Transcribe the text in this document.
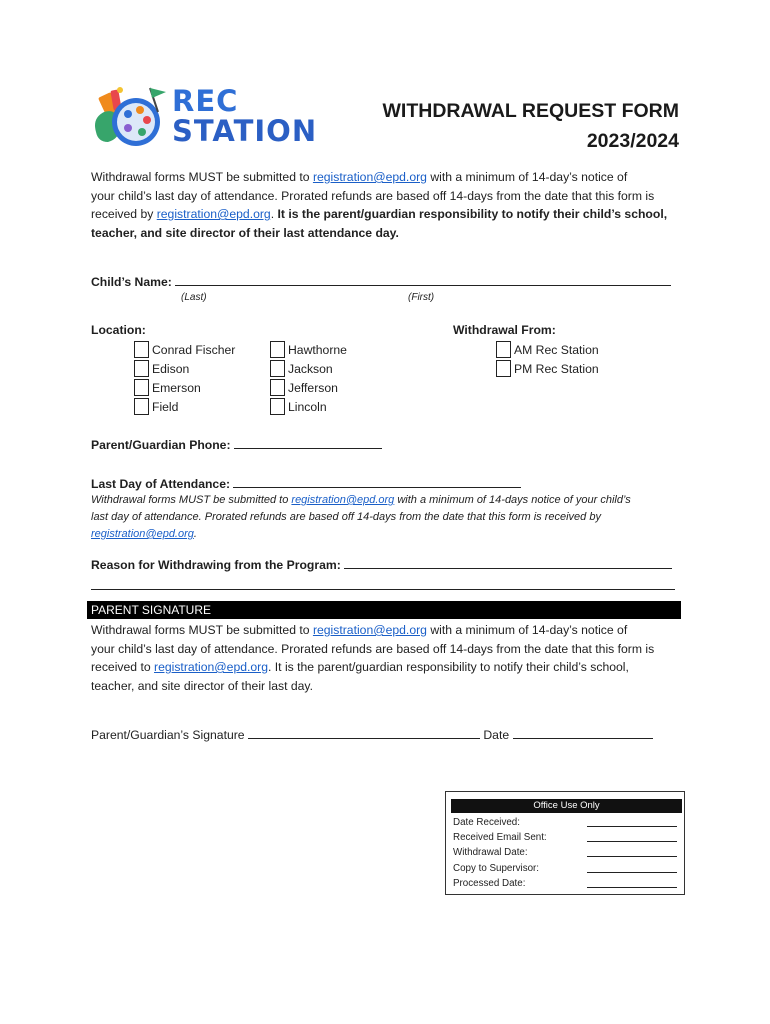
REC
STATION
WITHDRAWAL REQUEST FORM
2023/2024
Withdrawal forms MUST be submitted to registration@epd.org with a minimum of 14-day’s notice of
your child’s last day of attendance. Prorated refunds are based off 14-days from the date that this form is
received by registration@epd.org. It is the parent/guardian responsibility to notify their child’s school,
teacher, and site director of their last attendance day.
Child’s Name:
(Last)	(First)
Location:
Conrad Fischer
Edison
Emerson
Field
Hawthorne
Jackson
Jefferson
Lincoln
Withdrawal From:
AM Rec Station
PM Rec Station
Parent/Guardian Phone:
Last Day of Attendance:
Withdrawal forms MUST be submitted to registration@epd.org with a minimum of 14-days notice of your child’s
last day of attendance. Prorated refunds are based off 14-days from the date that this form is received by
registration@epd.org.
Reason for Withdrawing from the Program:
PARENT SIGNATURE
Withdrawal forms MUST be submitted to registration@epd.org with a minimum of 14-day’s notice of
your child’s last day of attendance. Prorated refunds are based off 14-days from the date that this form is
received to registration@epd.org. It is the parent/guardian responsibility to notify their child’s school,
teacher, and site director of their last day.
Parent/Guardian’s Signature	Date
Office Use Only
Date Received:
Received Email Sent:
Withdrawal Date:
Copy to Supervisor:
Processed Date:
